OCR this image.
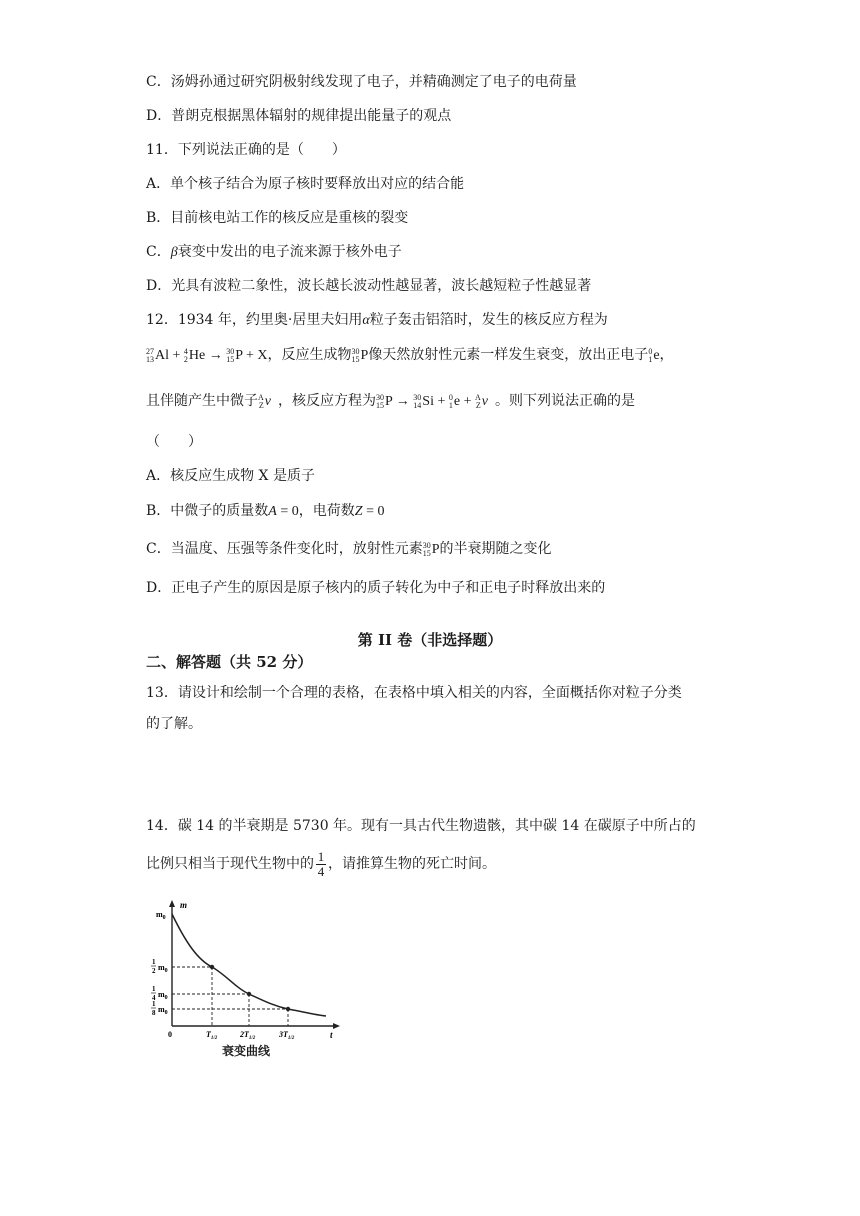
C．汤姆孙通过研究阴极射线发现了电子，并精确测定了电子的电荷量
D．普朗克根据黑体辐射的规律提出能量子的观点
11．下列说法正确的是（　　）
A．单个核子结合为原子核时要释放出对应的结合能
B．目前核电站工作的核反应是重核的裂变
C．β衰变中发出的电子流来源于核外电子
D．光具有波粒二象性，波长越长波动性越显著，波长越短粒子性越显著
12．1934 年，约里奥·居里夫妇用α粒子轰击铝箔时，发生的核反应方程为
27
13 Al + 4
2 He → 30
15 P + X，反应生成物 30
15 P像天然放射性元素一样发生衰变，放出正电子 0
1 e，
且伴随产生中微子 A
Z ν ，核反应方程为 30
15 P → 30
14 Si + 0
1 e + A
Z ν 。则下列说法正确的是
（　　）
A．核反应生成物 X 是质子
B．中微子的质量数A = 0，电荷数Z = 0
C．当温度、压强等条件变化时，放射性元素 30
15 P的半衰期随之变化
D．正电子产生的原因是原子核内的质子转化为中子和正电子时释放出来的
第 II 卷（非选择题）
二、解答题（共 52 分）
13．请设计和绘制一个合理的表格，在表格中填入相关的内容，全面概括你对粒子分类
的了解。
14．碳 14 的半衰期是 5730 年。现有一具古代生物遗骸，其中碳 14 在碳原子中所占的
比例只相当于现代生物中的 $\frac{1}{4}$ ，请推算生物的死亡时间。
m
t
0
$m_0$
1
2 $m_0$
1
4 $m_0$
1
8 $m_0$
$T_{1/2}$	$2T_{1/2}$	$3T_{1/2}$
衰变曲线
